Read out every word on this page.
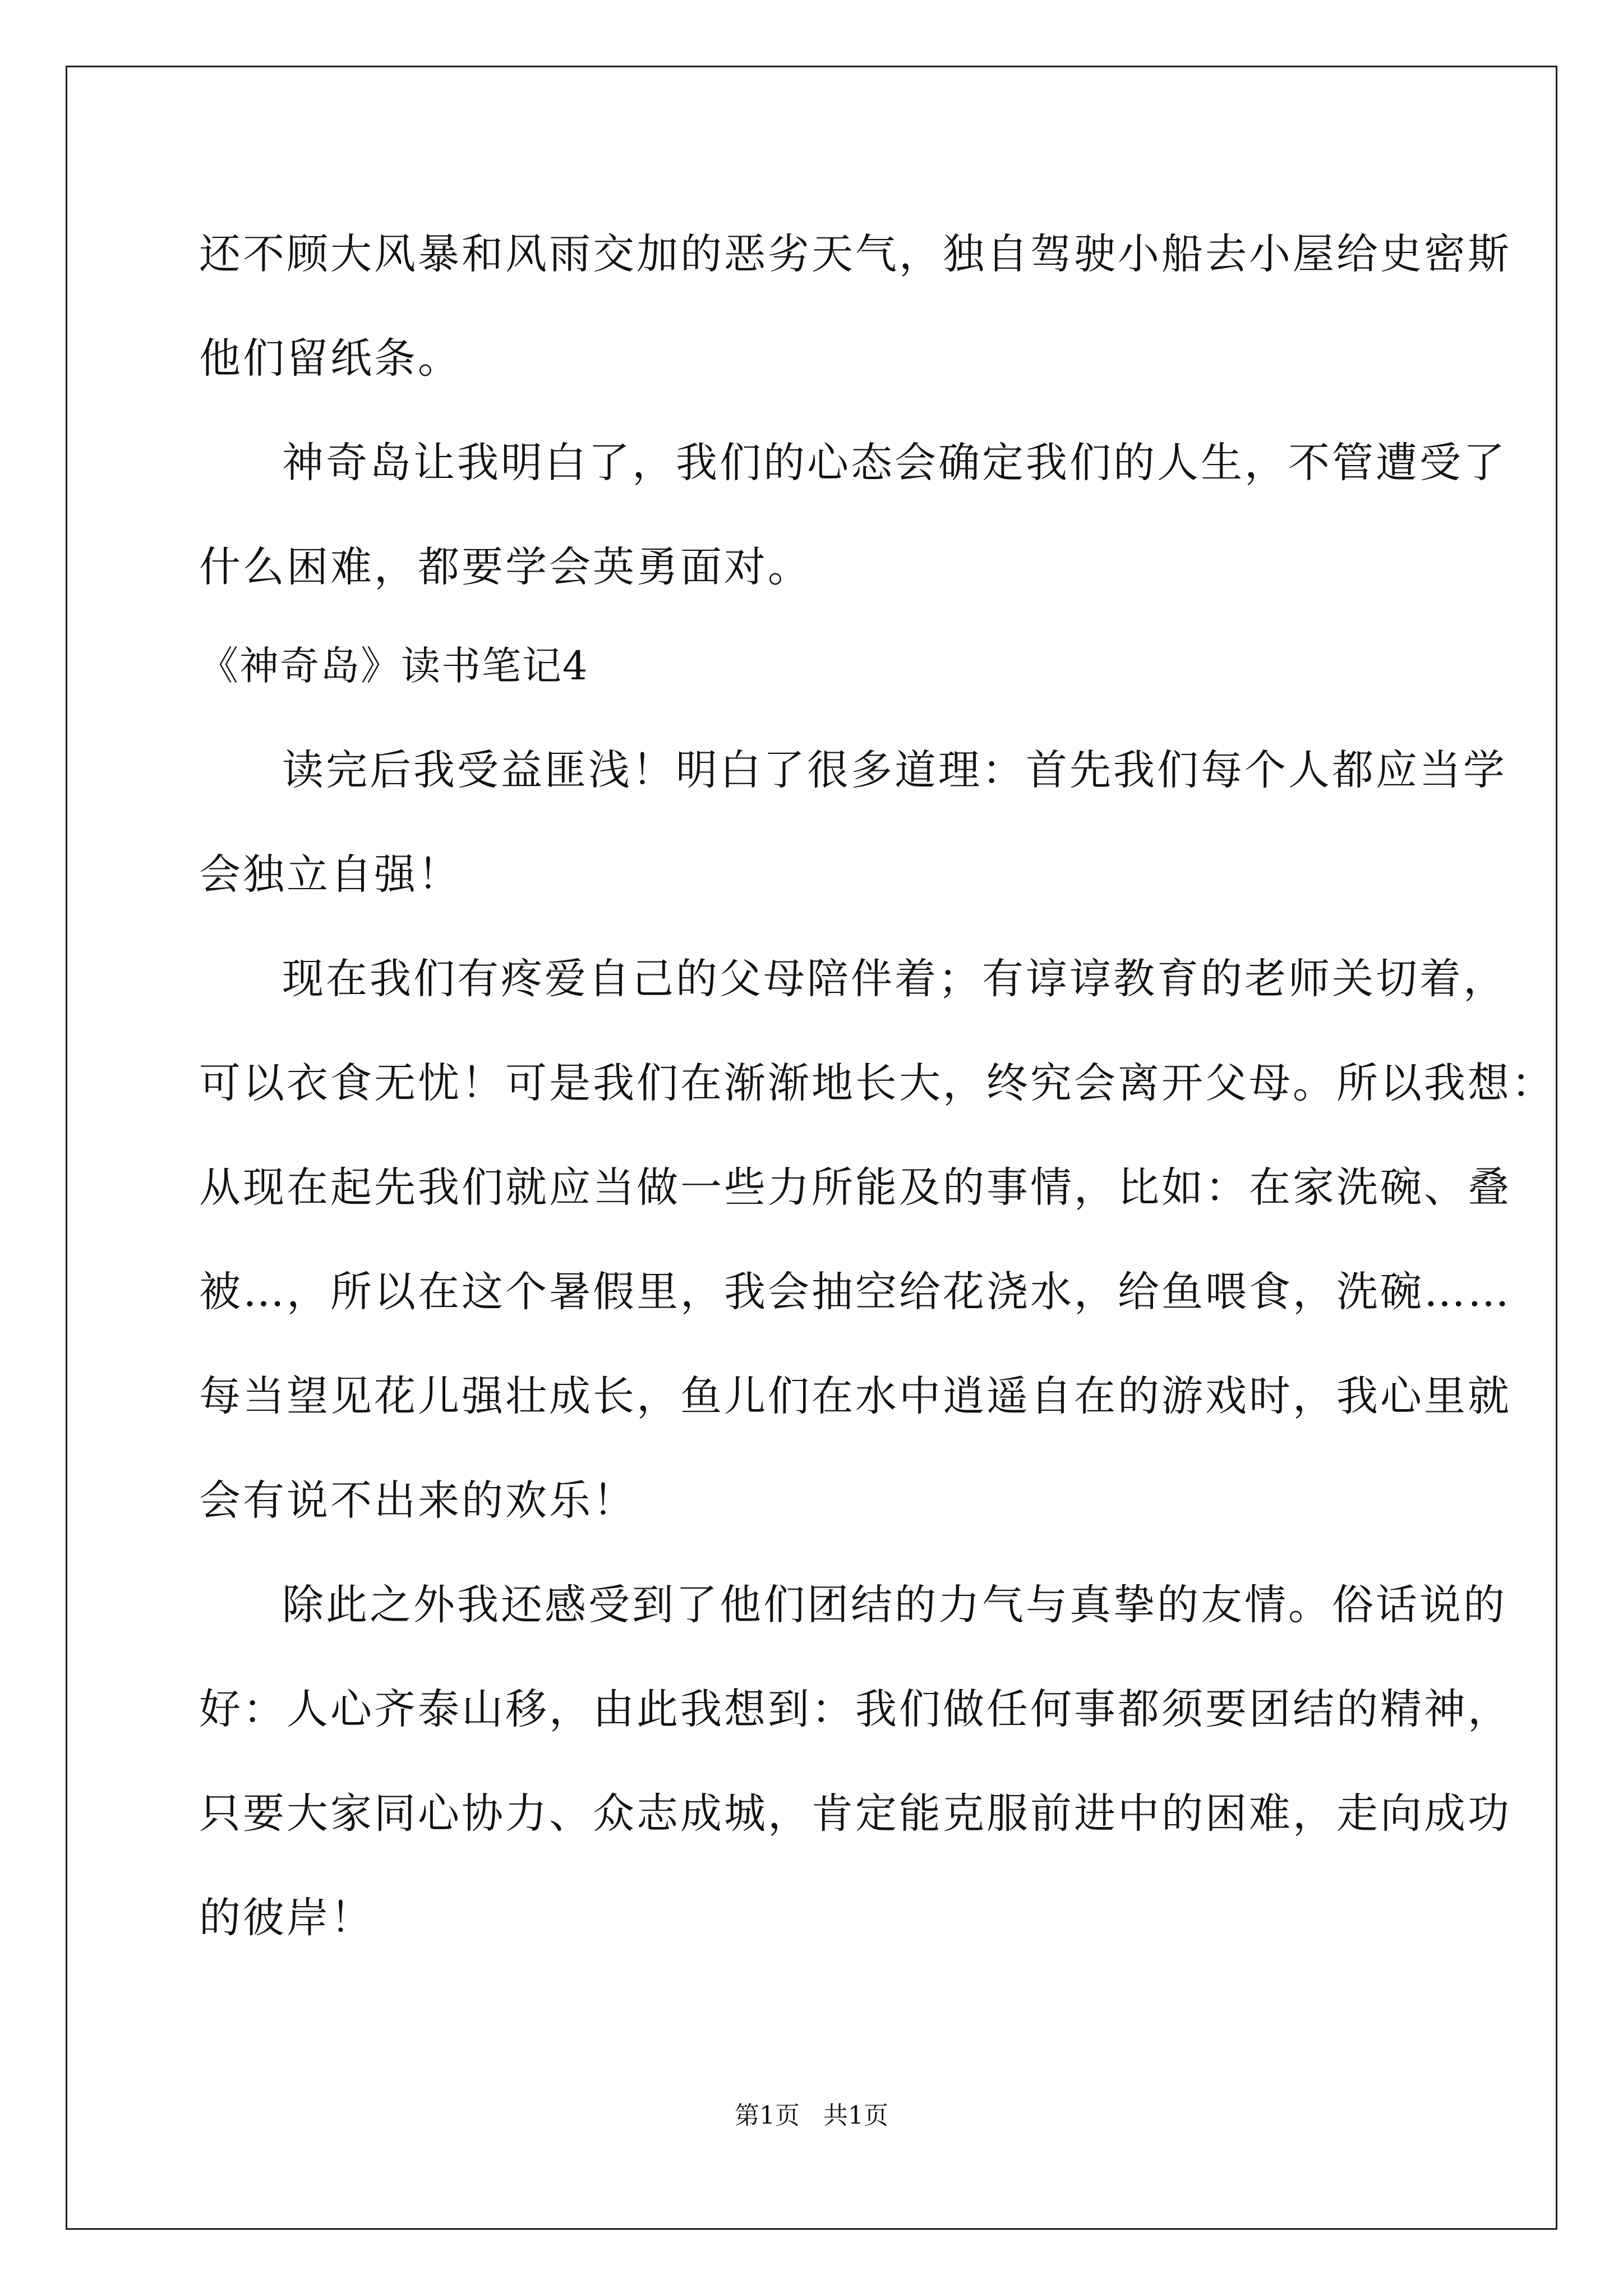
还不顾大风暴和风雨交加的恶劣天气，独自驾驶小船去小屋给史密斯
他们留纸条。
神奇岛让我明白了，我们的心态会确定我们的人生，不管遭受了
什么困难，都要学会英勇面对。
《神奇岛》读书笔记4
读完后我受益匪浅！明白了很多道理：首先我们每个人都应当学
会独立自强！
现在我们有疼爱自己的父母陪伴着；有谆谆教育的老师关切着，
可以衣食无忧！可是我们在渐渐地长大，终究会离开父母。所以我想：
从现在起先我们就应当做一些力所能及的事情，比如：在家洗碗、叠
被…，所以在这个暑假里，我会抽空给花浇水，给鱼喂食，洗碗……
每当望见花儿强壮成长，鱼儿们在水中逍遥自在的游戏时，我心里就
会有说不出来的欢乐！
除此之外我还感受到了他们团结的力气与真挚的友情。俗话说的
好：人心齐泰山移，由此我想到：我们做任何事都须要团结的精神，
只要大家同心协力、众志成城，肯定能克服前进中的困难，走向成功
的彼岸！
第1页   共1页
